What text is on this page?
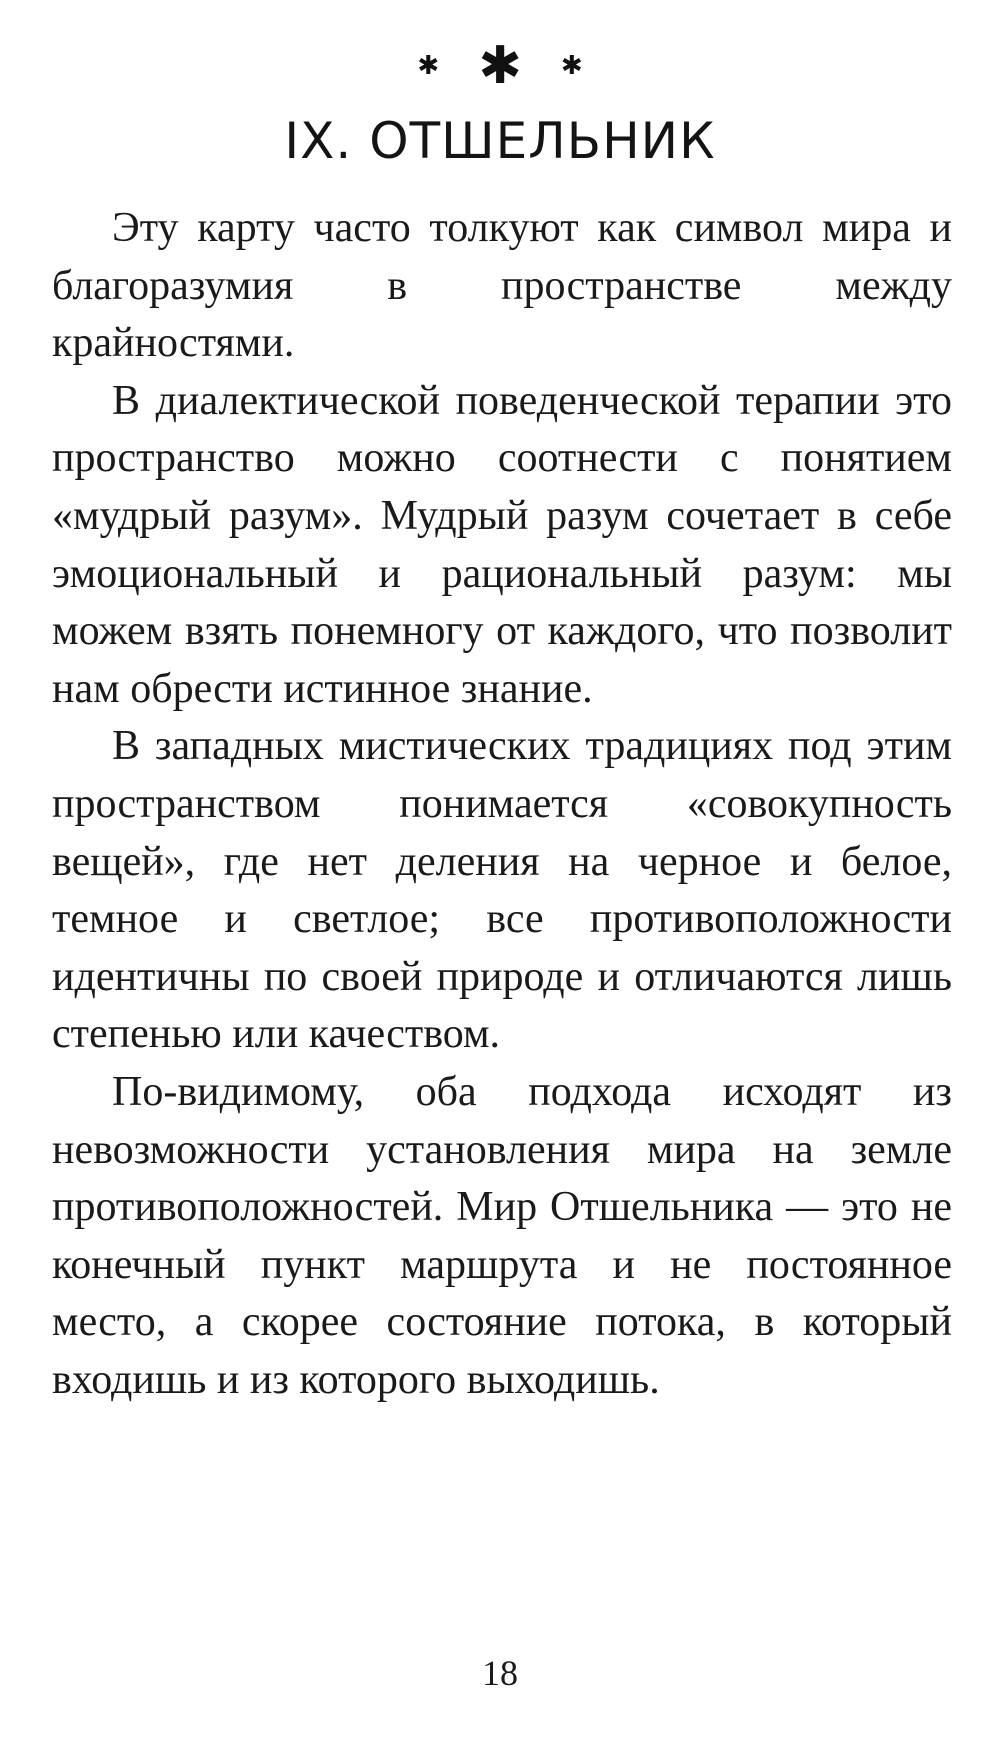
✱ ✱ ✱
IX. ОТШЕЛЬНИК

Эту карту часто толкуют как символ мира и благоразумия в пространстве между крайностями.

В диалектической поведенческой терапии это пространство можно соотнести с понятием «мудрый разум». Мудрый разум сочетает в себе эмоциональный и рациональный разум: мы можем взять понемногу от каждого, что позволит нам обрести истинное знание.

В западных мистических традициях под этим пространством понимается «совокупность вещей», где нет деления на черное и белое, темное и светлое; все противоположности идентичны по своей природе и отличаются лишь степенью или качеством.

По-видимому, оба подхода исходят из невозможности установления мира на земле противоположностей. Мир Отшельника — это не конечный пункт маршрута и не постоянное место, а скорее состояние потока, в который входишь и из которого выходишь.

18
